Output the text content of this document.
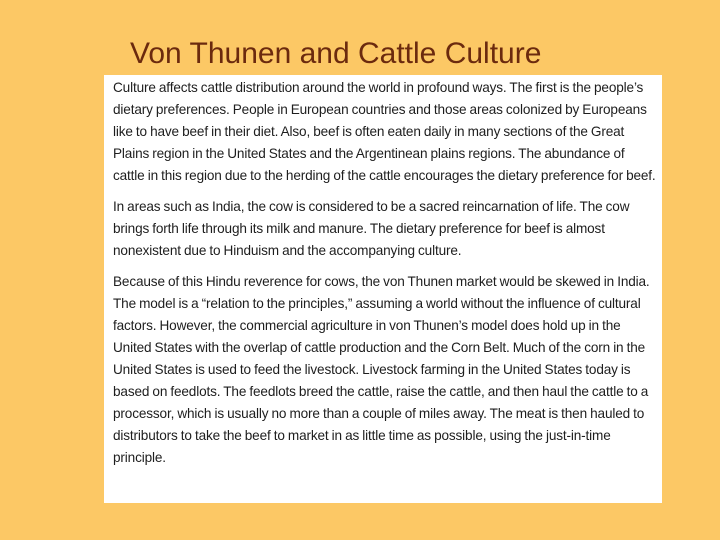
Von Thunen and Cattle Culture

Culture affects cattle distribution around the world in profound ways. The first is the people’s dietary preferences. People in European countries and those areas colonized by Europeans like to have beef in their diet. Also, beef is often eaten daily in many sections of the Great Plains region in the United States and the Argentinean plains regions. The abundance of cattle in this region due to the herding of the cattle encourages the dietary preference for beef.

In areas such as India, the cow is considered to be a sacred reincarnation of life. The cow brings forth life through its milk and manure. The dietary preference for beef is almost nonexistent due to Hinduism and the accompanying culture.

Because of this Hindu reverence for cows, the von Thunen market would be skewed in India. The model is a “relation to the principles,” assuming a world without the influence of cultural factors. However, the commercial agriculture in von Thunen’s model does hold up in the United States with the overlap of cattle production and the Corn Belt. Much of the corn in the United States is used to feed the livestock. Livestock farming in the United States today is based on feedlots. The feedlots breed the cattle, raise the cattle, and then haul the cattle to a processor, which is usually no more than a couple of miles away. The meat is then hauled to distributors to take the beef to market in as little time as possible, using the just-in-time principle.
